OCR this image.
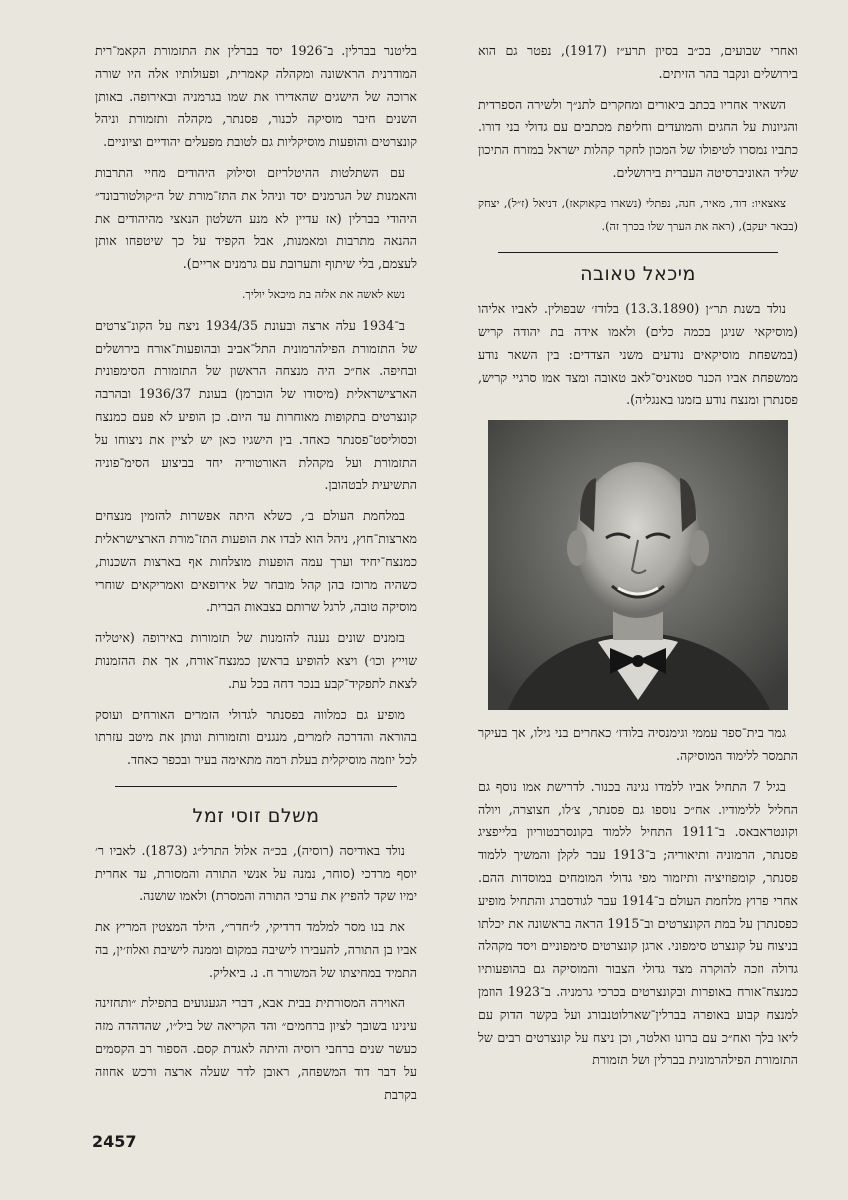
ואחרי שבועים, בכ״ב בסיון תרע״ז (1917), נפטר גם הוא בירושלים ונקבר בהר הזיתים.

השאיר אחריו בכתב ביאורים ומחקרים לתנ״ך ולשירה הספרדית והגיונות על החגים והמועדים וחליפת מכתבים עם גדולי בני דורו. כתביו נמסרו לטיפולו של המכון לחקר קהלות ישראל במזרח התיכון שליד האוניברסיטה העברית בירושלים.

צאצאיו: דוד, מאיר, חנה, נפתלי (נשארו בקאוקאז), דניאל (ז״ל), יצחק (בבאר יעקב), (ראה את הערך שלו בכרך זה).

מיכאל טאובה

נולד בשנת תר״ן (13.3.1890) בלודז׳ שבפולין. לאביו אליהו (מוסיקאי שניגן בכמה כלים) ולאמו אידה בת יהודה קריש (במשפחת מוסיקאים נודעים משני הצדדים: בין השאר נודע ממשפחת אביו הכנר סטאניס־לאב טאובה ומצד אמו סרגיי קריש, פסנתרן ומנצח נודע בזמנו באנגליה).

גמר בית־ספר עממי וגימנסיה בלודז׳ כאחרים בני גילו, אך בעיקר התמסר ללימוד המוסיקה.

בגיל 7 התחיל אביו ללמדו נגינה בכנור. לדרישת אמו נוסף גם החליל ללימודיו. אח״כ נוספו גם פסנתר, צ׳לו, חצוצרה, ויולה וקונטראבאס. ב־1911 התחיל ללמוד בקונסרבטוריון בלייפציג פסנתר, הרמוניה ותיאוריה; ב־1913 עבר לקלן והמשיך ללמוד פסנתר, קומפוזיציה ותיזמור מפי גדולי המומחים במוסדות ההם. אחרי פרוץ מלחמת העולם ב־1914 עבר לגודסברג והתחיל מופיע כפסנתרן על במת הקונצרטים וב־1915 הראה בראשונה את יכלתו בניצוח על קונצרט סימפוני. ארגן קונצרטים סימפוניים ויסד מקהלה גדולה וזכה להוקרה מצד גדולי הצבור והמוסיקה גם בהופעותיו כמנצח־אורח באופרות ובקונצרטים בכרכי גרמניה. ב־1923 הוזמן למנצח קבוע באופרה בברלין־שארלוטנבורג ועל בקשר הדוק עם ליאו בלך ואח״כ עם ברונו ואלטר, וכן ניצח על קונצרטים רבים של התזמורת הפילהרמונית בברלין ושל תזמורת

בליטנר בברלין. ב־1926 יסד בברלין את התזמורת הקאמ־רית המודרנית הראשונה ומקהלה קאמרית, ופעולותיו אלה היו שורה ארוכה של הישגים שהאדירו את שמו בגרמניה ובאירופה. באותן השנים חיבר מוסיקה לכנור, פסנתר, מקהלה ותזמורת וניהל קונצרטים והופעות מוסיקליות גם לטובת מפעלים יהודיים וציוניים.

עם השתלטות ההיטלריזם וסילוק היהודים מחיי התרבות והאמנות של הגרמנים יסד וניהל את התז־מורת של ה״קולטורבונד״ היהודי בברלין (אז עדיין לא מנע השלטון הנאצי מהיהודים את ההנאה מתרבות ומאמנות, אבל הקפיד על כך שיטפחו אותן לעצמם, בלי שיתוף ותערובת עם גרמנים אריים).

נשא לאשה את אלזה בת מיכאל יוליך.

ב־1934 עלה ארצה ובעונת 1934/35 ניצח על הקונ־צרטים של התזמורת הפילהרמונית התל־אביב ובהופעות־אורח בירושלים ובחיפה. אח״כ היה מנצחה הראשון של התזמורת הסימפונית הארצישראלית (מיסודו של הוברמן) בעונת 1936/37 ובהרבה קונצרטים בתקופות מאוחרות עד היום. כן הופיע לא פעם כמנצח וכסוליסט־פסנתר כאחד. בין הישגיו כאן יש לציין את ניצוחו על התזמורת ועל מקהלת האורטוריה יחד בביצוע הסימ־פוניה התשיעית לבטהובן.

במלחמת העולם ב׳, כשלא היתה אפשרות להזמין מנצחים מארצות־חוץ, ניהל הוא לבדו את הופעות התז־מורת הארצישראלית כמנצח־יחיד וערך עמה הופעות מוצלחות אף בארצות השכנות, כשהיה מרוכז בהן קהל מובחר של אירופאים ואמריקאים שוחרי מוסיקה טובה, לרגל שרותם בצבאות הברית.

בזמנים שונים נענה להזמנות של תזמורות באירופה (איטליה שוייץ וכו׳) ויצא להופיע בראשן כמנצח־אורח, אך את ההזמנות לצאת לתפקיד־קבע בנכר דחה בכל עת.

מופיע גם כמלווה בפסנתר לגדולי הזמרים האורחים ועוסק בהוראה והדרכה לזמרים, מנגנים ותזמורות ונותן את מיטב עזרתו לכל יוזמה מוסיקלית בעלת רמה מתאימה בעיר ובכפר כאחד.

משלם זוסי זמל

נולד באודיסה (רוסיה), בכ״ה אלול התרל״ג (1873). לאביו ר׳ יוסף מרדכי (סוחר, נמנה על אנשי התורה והמסורת, עד אחרית ימיו שקד להפיץ את ערכי התורה והמסרת) ולאמו שושנה.

את בנו מסר למלמד דרדיקי, ל״חדר״, הילד המצטין המריץ את אביו בן התורה, להעבירו לישיבה במקום וממנה לישיבת ואלוז׳ין, בה התמיד במחיצתו של המשורר ח. נ. ביאליק.

האוירה המסורתית בבית אבא, דברי הגעגועים בתפילת ״ותחזינה עינינו בשובך לציון ברחמים״ והד הקריאה של ביל״ו, שהדהדה מזה כעשר שנים ברחבי רוסיה והיתה לאגדת קסם. הספור רב הקסמים על דבר דוד המשפחה, ראובן לדר שעלה ארצה ורכש אחוזה בקרבת

2457
